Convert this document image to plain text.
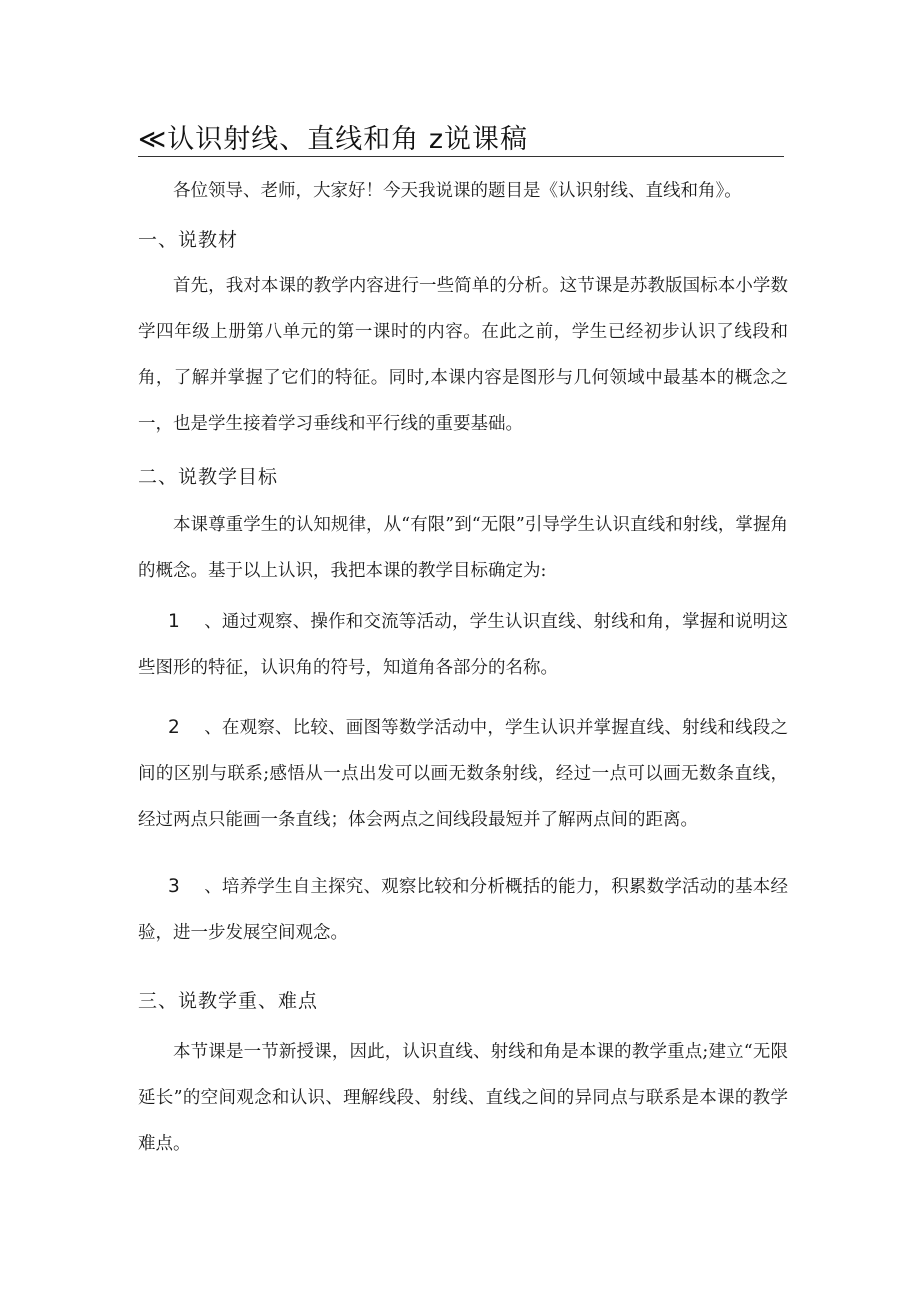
≪认识射线、直线和角 z说课稿

各位领导、老师，大家好！今天我说课的题目是《认识射线、直线和角》。

一、说教材

首先，我对本课的教学内容进行一些简单的分析。这节课是苏教版国标本小学数学四年级上册第八单元的第一课时的内容。在此之前，学生已经初步认识了线段和角，了解并掌握了它们的特征。同时,本课内容是图形与几何领域中最基本的概念之一，也是学生接着学习垂线和平行线的重要基础。

二、说教学目标

本课尊重学生的认知规律，从“有限”到“无限”引导学生认识直线和射线，掌握角的概念。基于以上认识，我把本课的教学目标确定为:

1 、通过观察、操作和交流等活动，学生认识直线、射线和角，掌握和说明这些图形的特征，认识角的符号，知道角各部分的名称。

2 、在观察、比较、画图等数学活动中，学生认识并掌握直线、射线和线段之间的区别与联系;感悟从一点出发可以画无数条射线，经过一点可以画无数条直线，经过两点只能画一条直线；体会两点之间线段最短并了解两点间的距离。

3 、培养学生自主探究、观察比较和分析概括的能力，积累数学活动的基本经验，进一步发展空间观念。

三、说教学重、难点

本节课是一节新授课，因此，认识直线、射线和角是本课的教学重点;建立“无限延长”的空间观念和认识、理解线段、射线、直线之间的异同点与联系是本课的教学难点。
